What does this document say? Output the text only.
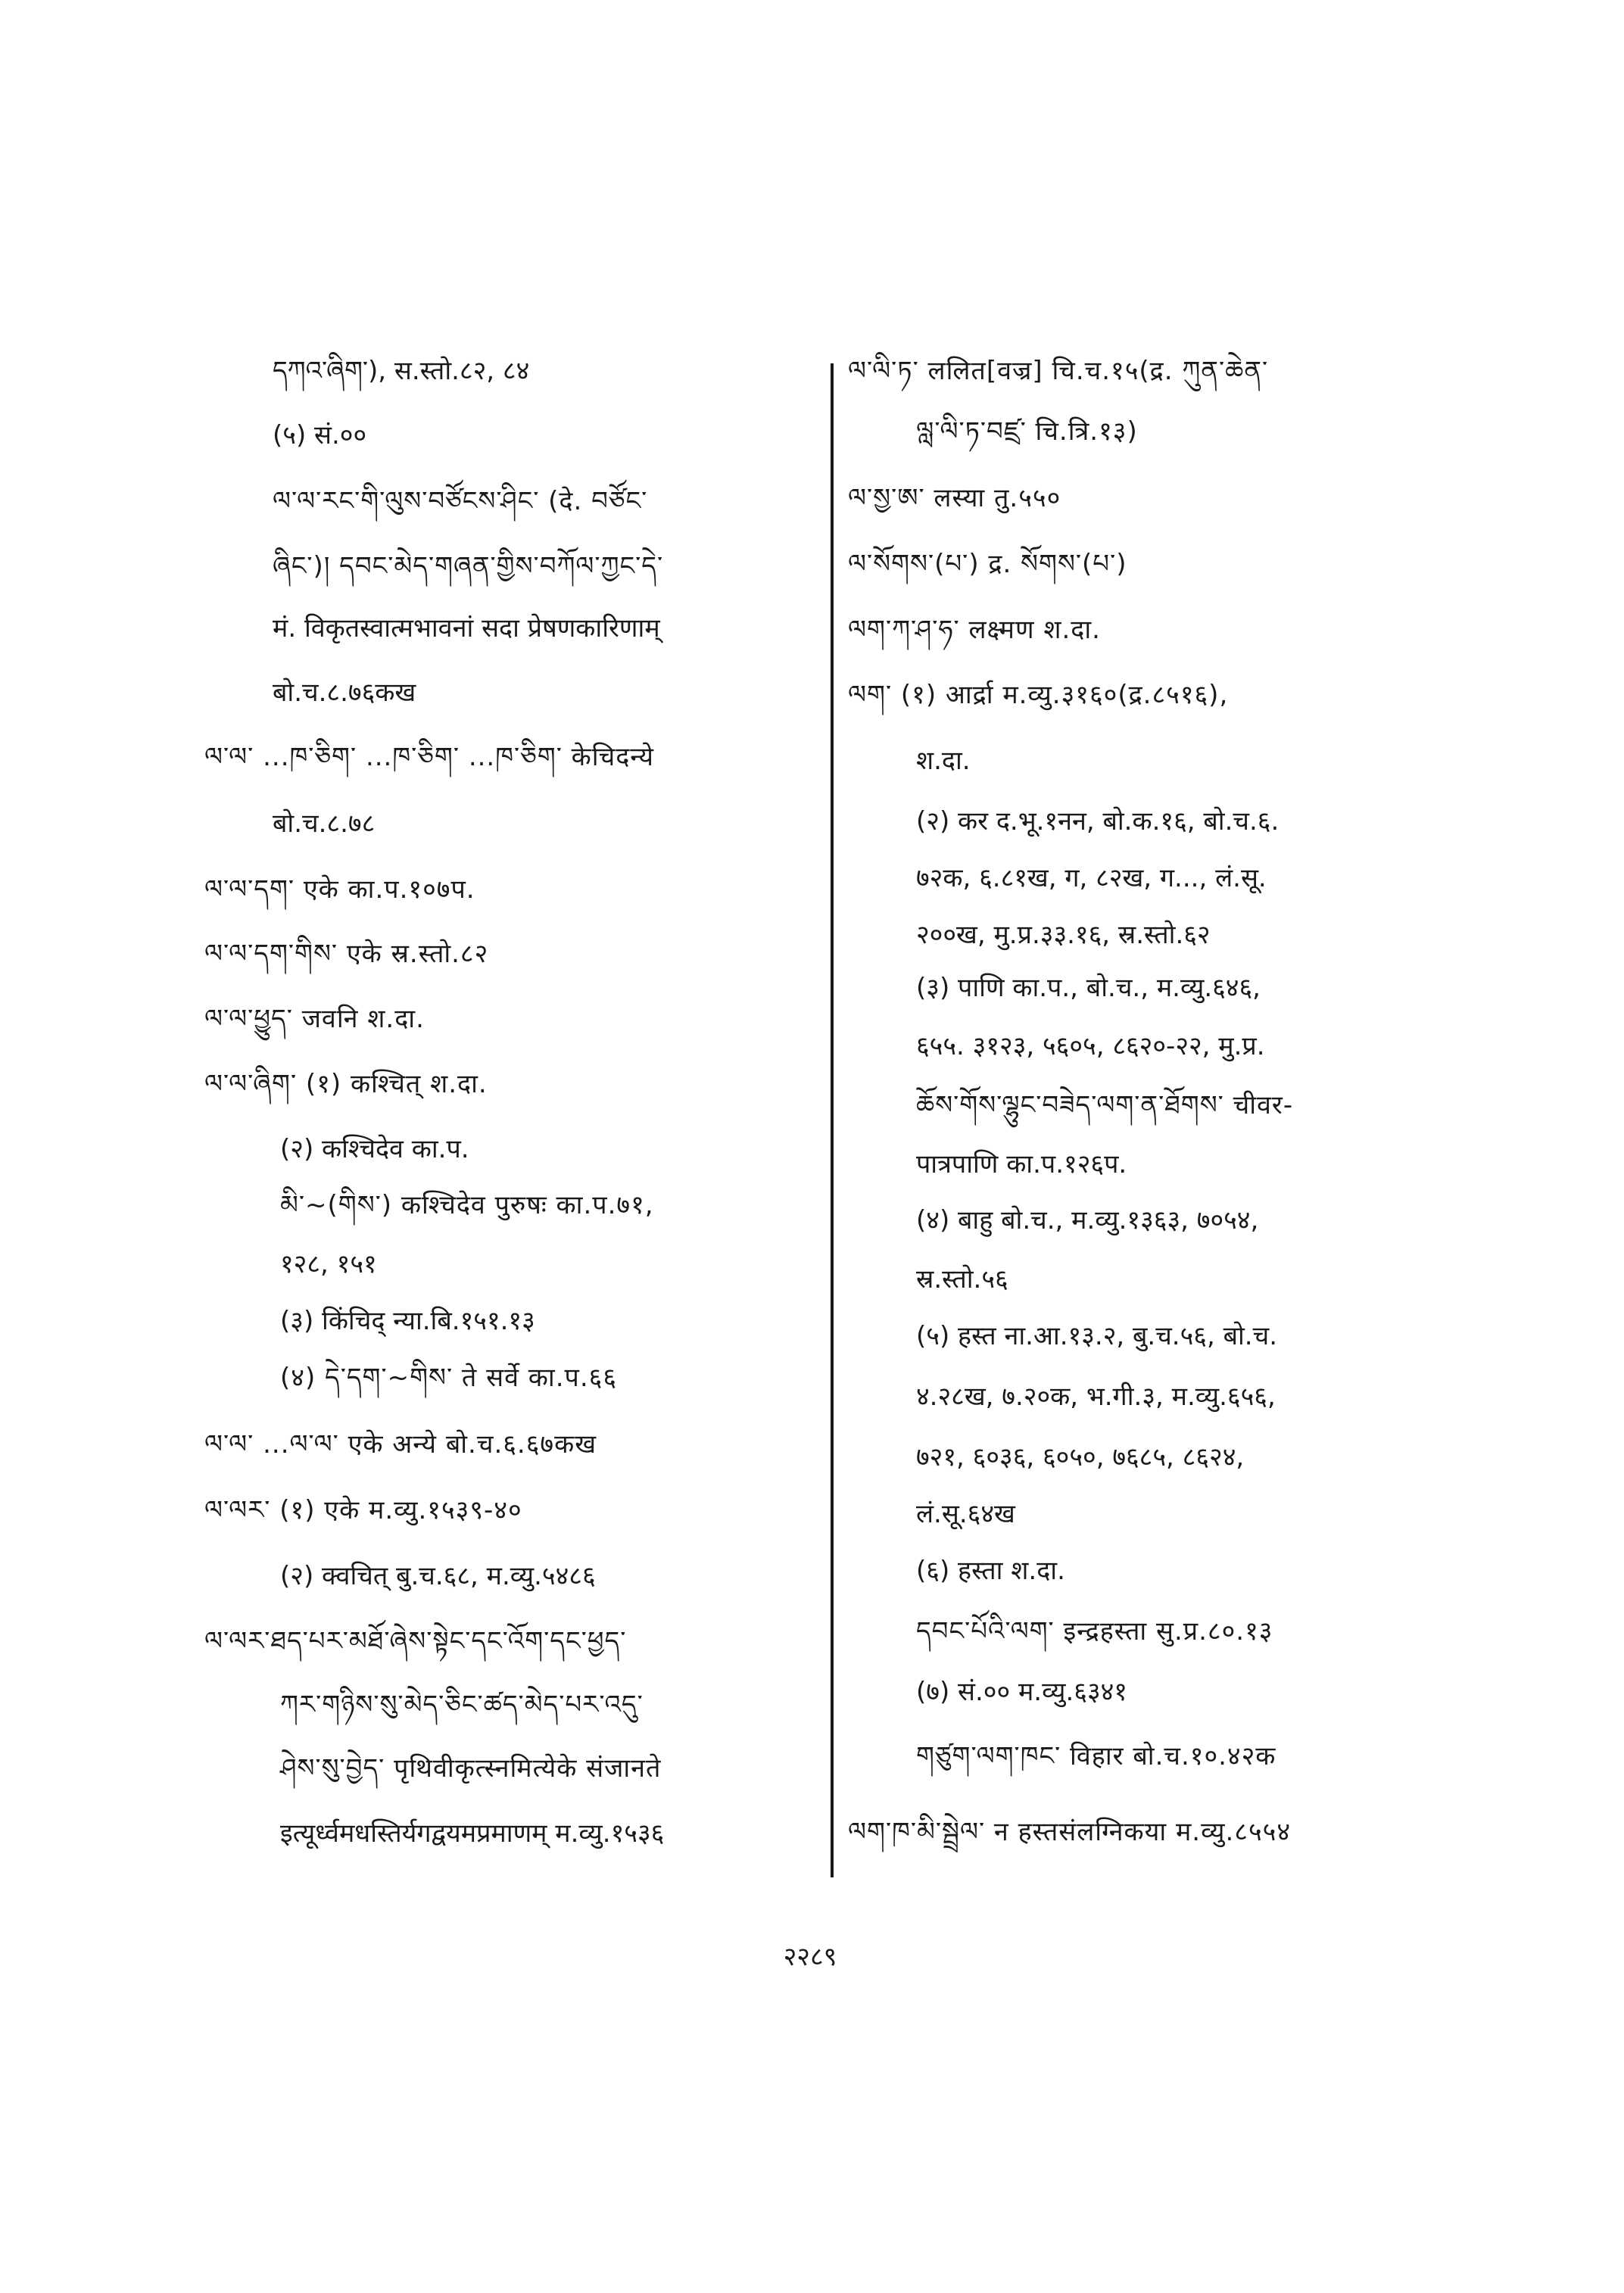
དཀའ་ཞིག་), स.स्तो.८२, ८४
(५) सं.००
ལ་ལ་རང་གི་ལུས་བཙོངས་ཤིང་ (दे. བཙོང་
ཞིང་)། དབང་མེད་གཞན་གྱིས་བཀོལ་ཀྱང་དེ་
मं. विकृतस्वात्मभावनां सदा प्रेषणकारिणाम्
बो.च.८.७६कख
ལ་ལ་ ...ཁ་ཅིག་ ...ཁ་ཅིག་ ...ཁ་ཅིག་ केचिदन्ये
बो.च.८.७८
ལ་ལ་དག་ एके का.प.१०७प.
ལ་ལ་དག་གིས་ एके स्र.स्तो.८२
ལ་ལ་ཕྱུད་ जवनि श.दा.
ལ་ལ་ཞིག་ (१) कश्चित् श.दा.
(२) कश्चिदेव का.प.
མི་~(གིས་) कश्चिदेव पुरुषः का.प.७१,
१२८, १५१
(३) किंचिद् न्या.बि.१५१.१३
(४) དེ་དག་~གིས་ ते सर्वे का.प.६६
ལ་ལ་ ...ལ་ལ་ एके अन्ये बो.च.६.६७कख
ལ་ལར་ (१) एके म.व्यु.१५३९-४०
(२) क्वचित् बु.च.६८, म.व्यु.५४८६
ལ་ལར་ཐད་པར་མཐོ་ཞེས་སྟེང་དང་འོག་དང་ཕྱད་
ཀར་གཉིས་སུ་མེད་ཅིང་ཚད་མེད་པར་འདུ་
ཤེས་སུ་བྱེད་ पृथिवीकृत्स्नमित्येके संजानते
इत्यूर्ध्वमधस्तिर्यगद्वयमप्रमाणम् म.व्यु.१५३६
ལ་ལི་ཏ་ ललित[वज्र] चि.च.१५(द्र. ཀུན་ཆེན་
ལླ་ལི་ཏ་བཛྲ་ चि.त्रि.१३)
ལ་སྱ་ཨ་ लस्या तु.५५०
ལ་སོགས་(པ་) द्र. སོགས་(པ་)
ལག་ཀ་ཤ་ཧ་ लक्ष्मण श.दा.
ལག་ (१) आर्द्रा म.व्यु.३१६०(द्र.८५१६),
श.दा.
(२) कर द.भू.१नन, बो.क.१६, बो.च.६.
७२क, ६.८१ख, ग, ८२ख, ग..., लं.सू.
२००ख, मु.प्र.३३.१६, स्र.स्तो.६२
(३) पाणि का.प., बो.च., म.व्यु.६४६,
६५५. ३१२३, ५६०५, ८६२०-२२, मु.प्र.
ཆོས་གོས་ལྷུང་བཟེད་ལག་ན་ཐོགས་ चीवर-
पात्रपाणि का.प.१२६प.
(४) बाहु बो.च., म.व्यु.१३६३, ७०५४,
स्र.स्तो.५६
(५) हस्त ना.आ.१३.२, बु.च.५६, बो.च.
४.२८ख, ७.२०क, भ.गी.३, म.व्यु.६५६,
७२१, ६०३६, ६०५०, ७६८५, ८६२४,
लं.सू.६४ख
(६) हस्ता श.दा.
དབང་པོའི་ལག་ इन्द्रहस्ता सु.प्र.८०.१३
(७) सं.०० म.व्यु.६३४१
གཙུག་ལག་ཁང་ विहार बो.च.१०.४२क
ལག་ཁ་མི་སྦྲེལ་ न हस्तसंलग्निकया म.व्यु.८५५४
२२८९
